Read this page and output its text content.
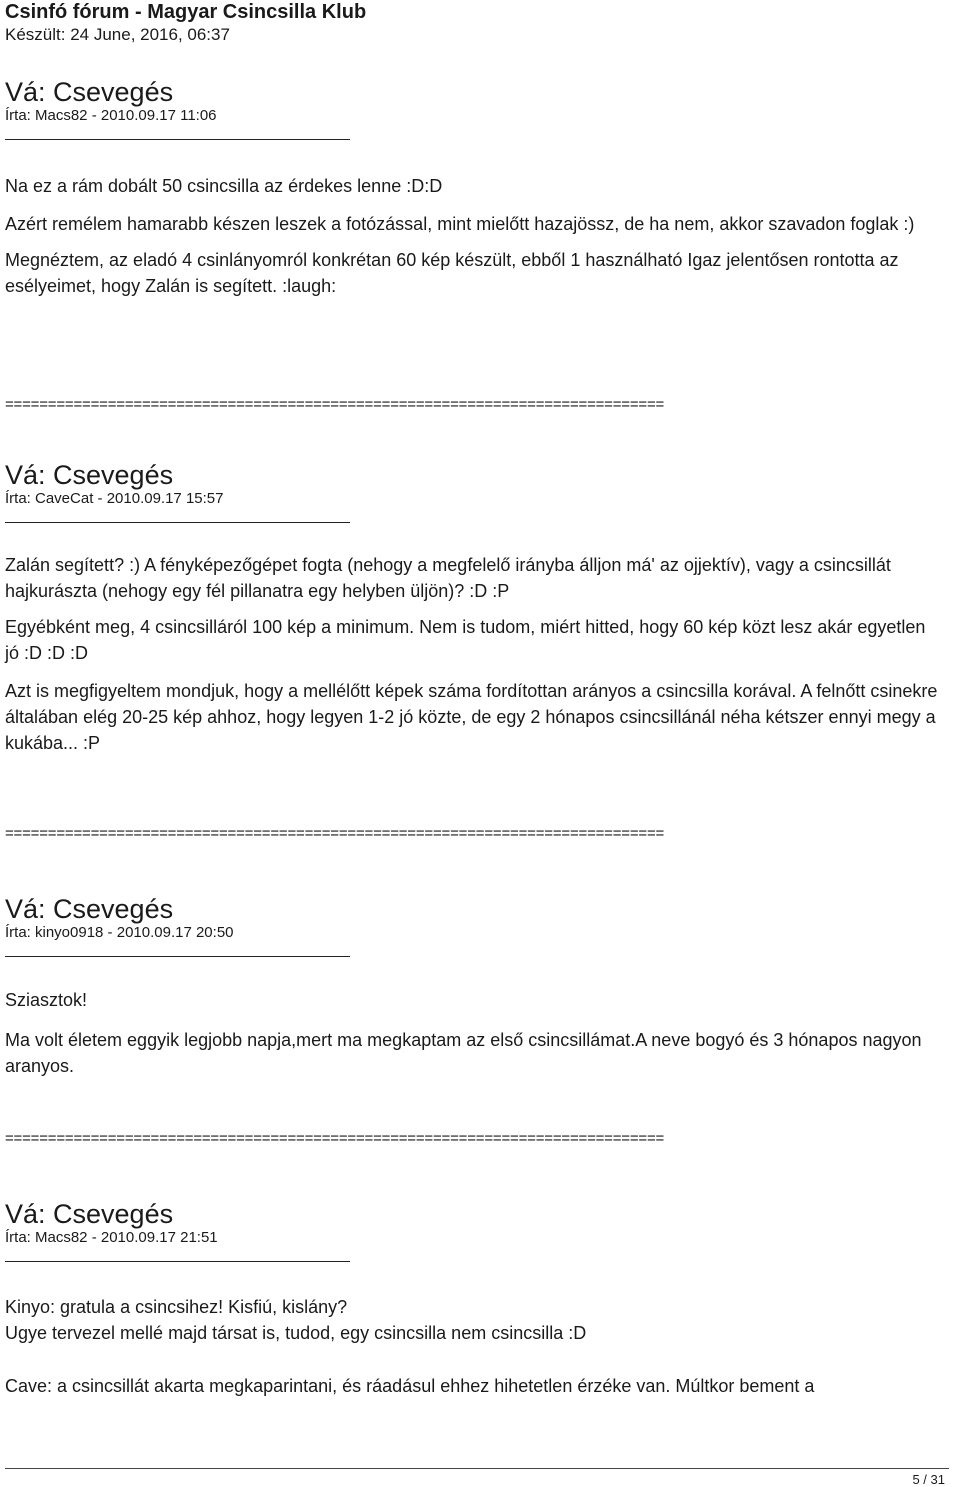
Csinfó fórum - Magyar Csincsilla Klub

Készült: 24 June, 2016, 06:37

Vá: Csevegés

Írta: Macs82 - 2010.09.17 11:06

Na ez a rám dobált 50 csincsilla az érdekes lenne :D:D

Azért remélem hamarabb készen leszek a fotózással, mint mielőtt hazajössz, de ha nem, akkor szavadon foglak :)

Megnéztem, az eladó 4 csinlányomról konkrétan 60 kép készült, ebből 1 használható Igaz jelentősen rontotta az esélyeimet, hogy Zalán is segített. :laugh:

=============================================================================

Vá: Csevegés

Írta: CaveCat - 2010.09.17 15:57

Zalán segített? :) A fényképezőgépet fogta (nehogy a megfelelő irányba álljon má' az ojjektív), vagy a csincsillát hajkurászta (nehogy egy fél pillanatra egy helyben üljön)? :D :P

Egyébként meg, 4 csincsilláról 100 kép a minimum. Nem is tudom, miért hitted, hogy 60 kép közt lesz akár egyetlen jó :D :D :D

Azt is megfigyeltem mondjuk, hogy a mellélőtt képek száma fordítottan arányos a csincsilla korával. A felnőtt csinekre általában elég 20-25 kép ahhoz, hogy legyen 1-2 jó közte, de egy 2 hónapos csincsillánál néha kétszer ennyi megy a kukába... :P

=============================================================================

Vá: Csevegés

Írta: kinyo0918 - 2010.09.17 20:50

Sziasztok!

Ma volt életem eggyik legjobb napja,mert ma megkaptam az első csincsillámat.A neve bogyó és 3 hónapos nagyon aranyos.

=============================================================================

Vá: Csevegés

Írta: Macs82 - 2010.09.17 21:51

Kinyo: gratula a csincsihez! Kisfiú, kislány?

Ugye tervezel mellé majd társat is, tudod, egy csincsilla nem csincsilla :D

Cave: a csincsillát akarta megkaparintani, és ráadásul ehhez hihetetlen érzéke van. Múltkor bement a

5 / 31
